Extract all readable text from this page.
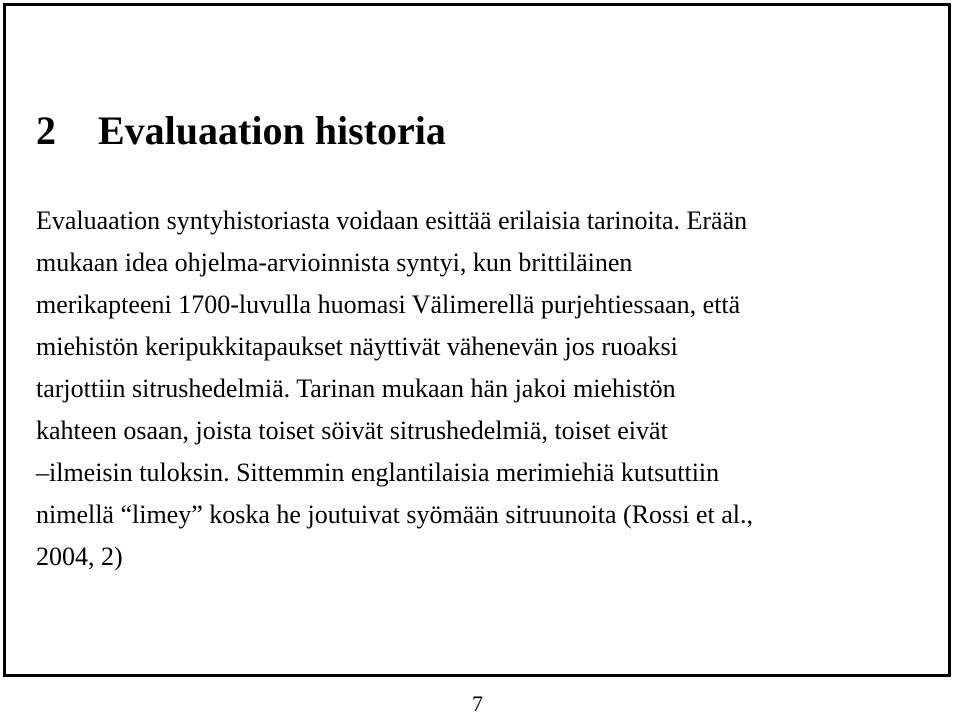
2 Evaluaation historia
Evaluaation syntyhistoriasta voidaan esittää erilaisia tarinoita. Erään
mukaan idea ohjelma-arvioinnista syntyi, kun brittiläinen
merikapteeni 1700-luvulla huomasi Välimerellä purjehtiessaan, että
miehistön keripukkitapaukset näyttivät vähenevän jos ruoaksi
tarjottiin sitrushedelmiä. Tarinan mukaan hän jakoi miehistön
kahteen osaan, joista toiset söivät sitrushedelmiä, toiset eivät
–ilmeisin tuloksin. Sittemmin englantilaisia merimiehiä kutsuttiin
nimellä “limey” koska he joutuivat syömään sitruunoita (Rossi et al.,
2004, 2)
7
